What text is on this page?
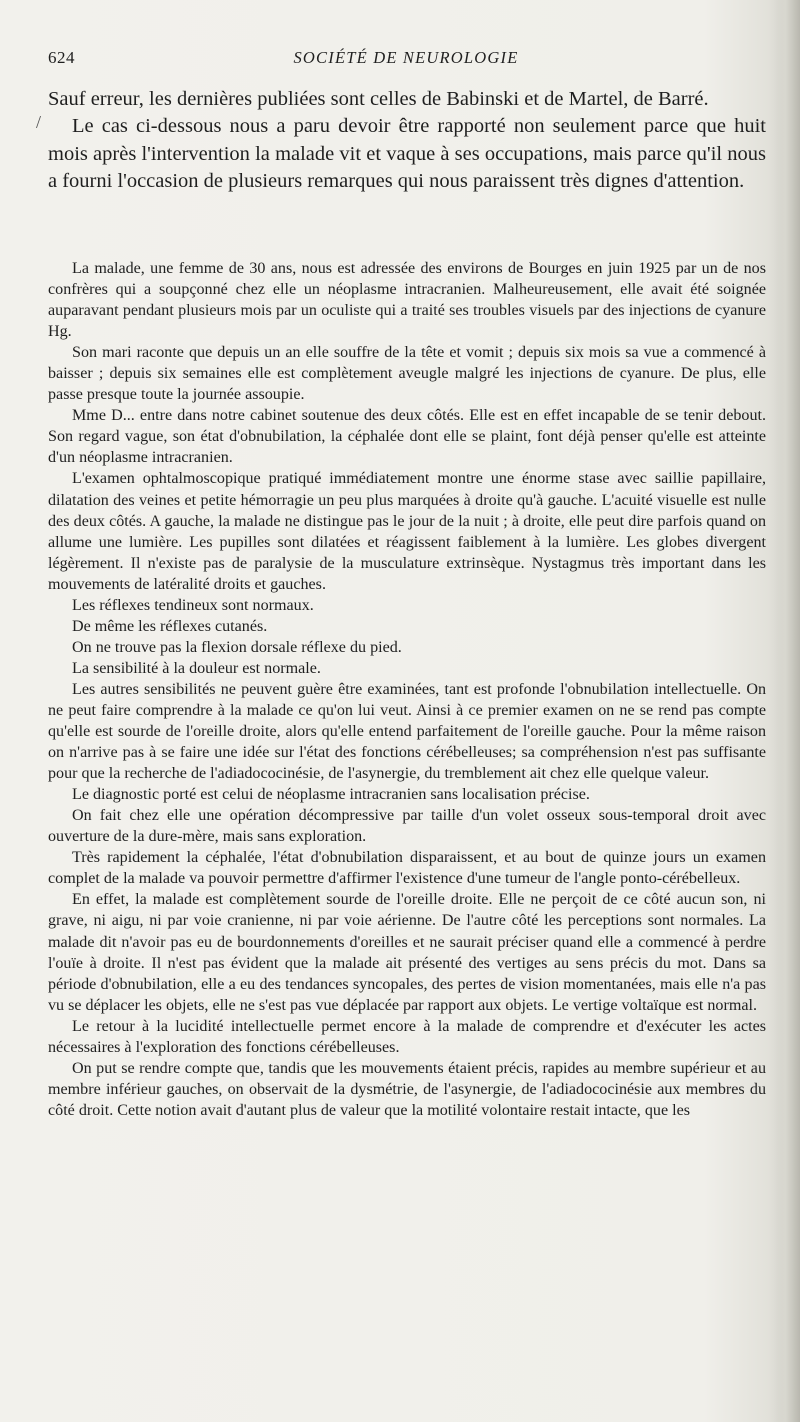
624	SOCIÉTÉ DE NEUROLOGIE
/

Sauf erreur, les dernières publiées sont celles de Babinski et de Martel, de Barré.

Le cas ci-dessous nous a paru devoir être rapporté non seulement parce que huit mois après l'intervention la malade vit et vaque à ses occupations, mais parce qu'il nous a fourni l'occasion de plusieurs remarques qui nous paraissent très dignes d'attention.

La malade, une femme de 30 ans, nous est adressée des environs de Bourges en juin 1925 par un de nos confrères qui a soupçonné chez elle un néoplasme intracranien. Malheureusement, elle avait été soignée auparavant pendant plusieurs mois par un oculiste qui a traité ses troubles visuels par des injections de cyanure Hg.

Son mari raconte que depuis un an elle souffre de la tête et vomit ; depuis six mois sa vue a commencé à baisser ; depuis six semaines elle est complètement aveugle malgré les injections de cyanure. De plus, elle passe presque toute la journée assoupie.

Mme D... entre dans notre cabinet soutenue des deux côtés. Elle est en effet incapable de se tenir debout. Son regard vague, son état d'obnubilation, la céphalée dont elle se plaint, font déjà penser qu'elle est atteinte d'un néoplasme intracranien.

L'examen ophtalmoscopique pratiqué immédiatement montre une énorme stase avec saillie papillaire, dilatation des veines et petite hémorragie un peu plus marquées à droite qu'à gauche. L'acuité visuelle est nulle des deux côtés. A gauche, la malade ne distingue pas le jour de la nuit ; à droite, elle peut dire parfois quand on allume une lumière. Les pupilles sont dilatées et réagissent faiblement à la lumière. Les globes divergent légèrement. Il n'existe pas de paralysie de la musculature extrinsèque. Nystagmus très important dans les mouvements de latéralité droits et gauches.

Les réflexes tendineux sont normaux.

De même les réflexes cutanés.

On ne trouve pas la flexion dorsale réflexe du pied.

La sensibilité à la douleur est normale.

Les autres sensibilités ne peuvent guère être examinées, tant est profonde l'obnubilation intellectuelle. On ne peut faire comprendre à la malade ce qu'on lui veut. Ainsi à ce premier examen on ne se rend pas compte qu'elle est sourde de l'oreille droite, alors qu'elle entend parfaitement de l'oreille gauche. Pour la même raison on n'arrive pas à se faire une idée sur l'état des fonctions cérébelleuses; sa compréhension n'est pas suffisante pour que la recherche de l'adiadococinésie, de l'asynergie, du tremblement ait chez elle quelque valeur.

Le diagnostic porté est celui de néoplasme intracranien sans localisation précise.

On fait chez elle une opération décompressive par taille d'un volet osseux sous-temporal droit avec ouverture de la dure-mère, mais sans exploration.

Très rapidement la céphalée, l'état d'obnubilation disparaissent, et au bout de quinze jours un examen complet de la malade va pouvoir permettre d'affirmer l'existence d'une tumeur de l'angle ponto-cérébelleux.

En effet, la malade est complètement sourde de l'oreille droite. Elle ne perçoit de ce côté aucun son, ni grave, ni aigu, ni par voie cranienne, ni par voie aérienne. De l'autre côté les perceptions sont normales. La malade dit n'avoir pas eu de bourdonnements d'oreilles et ne saurait préciser quand elle a commencé à perdre l'ouïe à droite. Il n'est pas évident que la malade ait présenté des vertiges au sens précis du mot. Dans sa période d'obnubilation, elle a eu des tendances syncopales, des pertes de vision momentanées, mais elle n'a pas vu se déplacer les objets, elle ne s'est pas vue déplacée par rapport aux objets. Le vertige voltaïque est normal.

Le retour à la lucidité intellectuelle permet encore à la malade de comprendre et d'exécuter les actes nécessaires à l'exploration des fonctions cérébelleuses.

On put se rendre compte que, tandis que les mouvements étaient précis, rapides au membre supérieur et au membre inférieur gauches, on observait de la dysmétrie, de l'asynergie, de l'adiadococinésie aux membres du côté droit. Cette notion avait d'autant plus de valeur que la motilité volontaire restait intacte, que les
